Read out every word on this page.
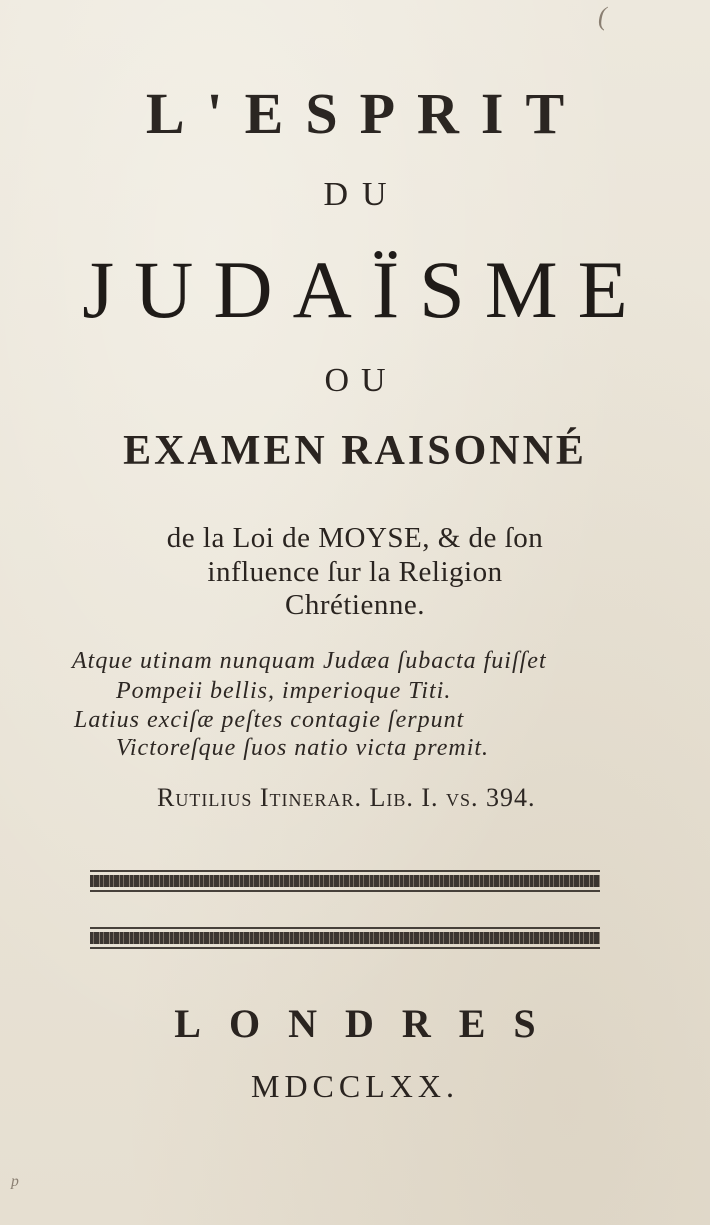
(
L'ESPRIT
DU
JUDAÏSME
OU
EXAMEN RAISONNÉ
de la Loi de MOYSE, & de ſon
influence ſur la Religion
Chrétienne.
Atque utinam nunquam Judæa ſubacta fuiſſet
Pompeii bellis, imperioque Titi.
Latius exciſæ peſtes contagie ſerpunt
Victoreſque ſuos natio victa premit.
Rutilius Itinerar. Lib. I. vſ. 394.
LONDRES
MDCCLXX.
ᵖ
